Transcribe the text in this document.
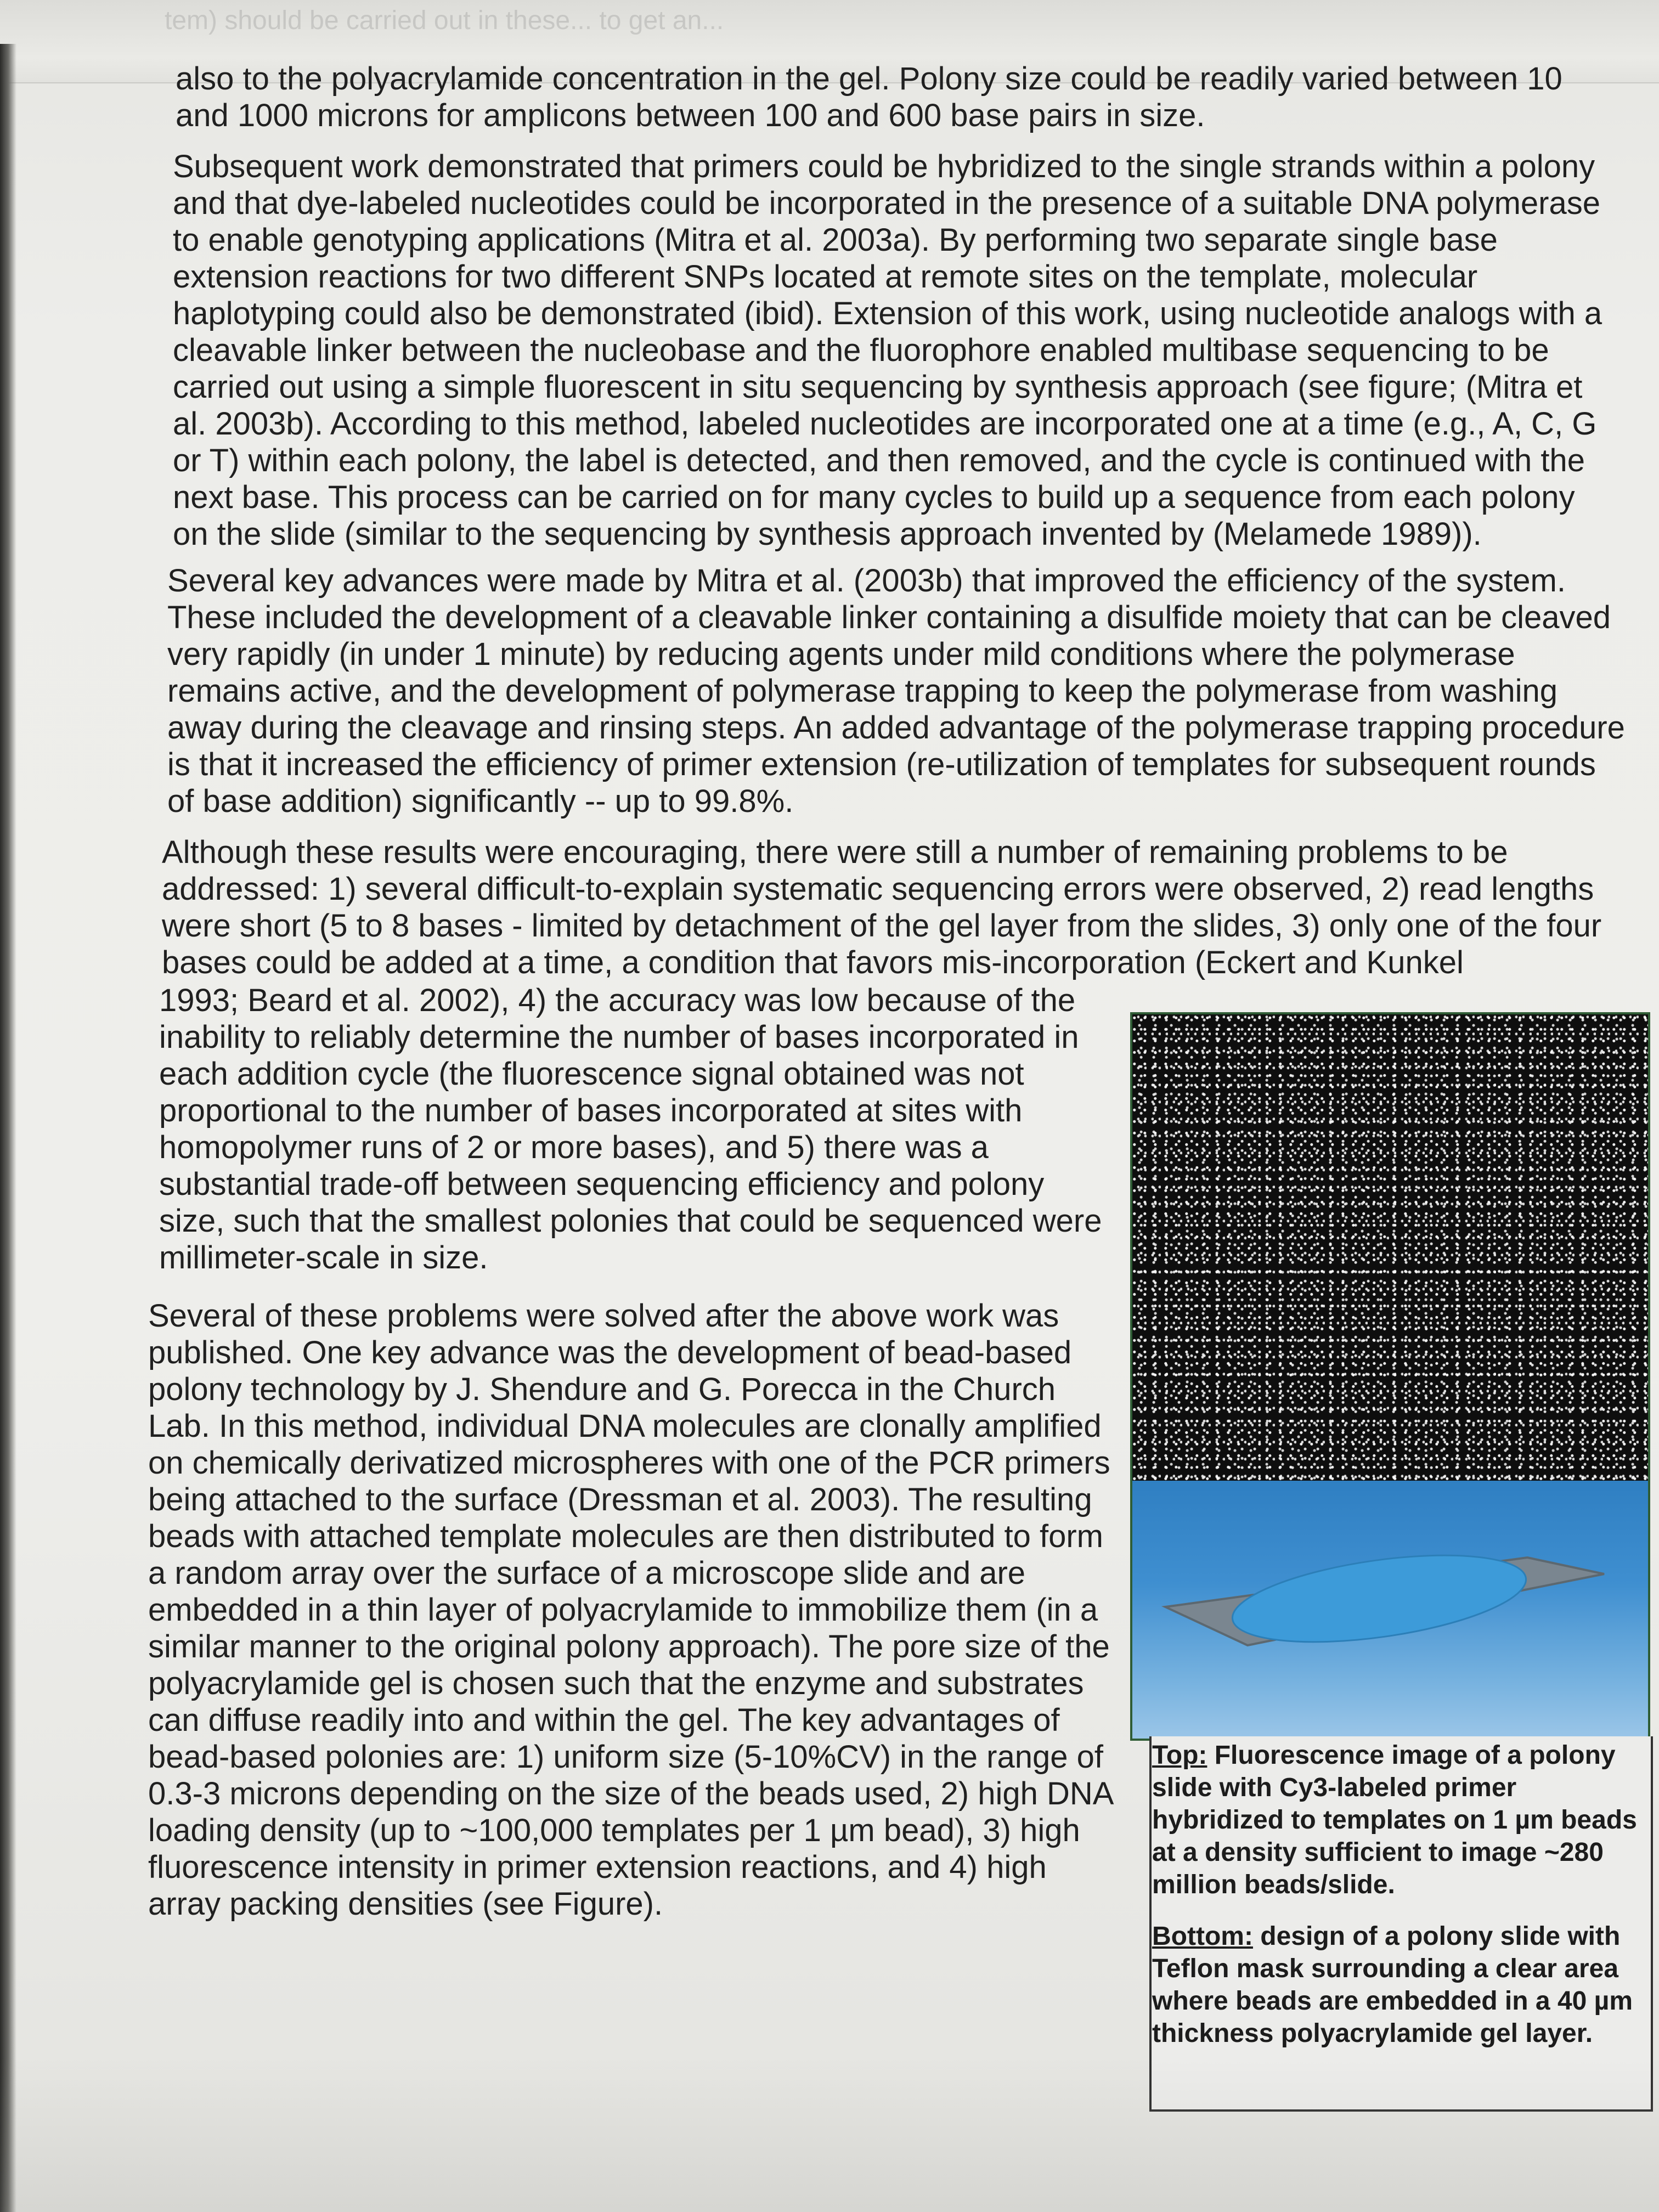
tem) should be carried out in these... to get an...
also to the polyacrylamide concentration in the gel. Polony size could be readily varied between 10 and 1000 microns for amplicons between 100 and 600 base pairs in size.
Subsequent work demonstrated that primers could be hybridized to the single strands within a polony and that dye-labeled nucleotides could be incorporated in the presence of a suitable DNA polymerase to enable genotyping applications (Mitra et al. 2003a). By performing two separate single base extension reactions for two different SNPs located at remote sites on the template, molecular haplotyping could also be demonstrated (ibid). Extension of this work, using nucleotide analogs with a cleavable linker between the nucleobase and the fluorophore enabled multibase sequencing to be carried out using a simple fluorescent in situ sequencing by synthesis approach (see figure; (Mitra et al. 2003b). According to this method, labeled nucleotides are incorporated one at a time (e.g., A, C, G or T) within each polony, the label is detected, and then removed, and the cycle is continued with the next base. This process can be carried on for many cycles to build up a sequence from each polony on the slide (similar to the sequencing by synthesis approach invented by (Melamede 1989)).
Several key advances were made by Mitra et al. (2003b) that improved the efficiency of the system. These included the development of a cleavable linker containing a disulfide moiety that can be cleaved very rapidly (in under 1 minute) by reducing agents under mild conditions where the polymerase remains active, and the development of polymerase trapping to keep the polymerase from washing away during the cleavage and rinsing steps. An added advantage of the polymerase trapping procedure is that it increased the efficiency of primer extension (re-utilization of templates for subsequent rounds of base addition) significantly -- up to 99.8%.
Although these results were encouraging, there were still a number of remaining problems to be addressed: 1) several difficult-to-explain systematic sequencing errors were observed, 2) read lengths were short (5 to 8 bases - limited by detachment of the gel layer from the slides, 3) only one of the four bases could be added at a time, a condition that favors mis-incorporation (Eckert and Kunkel
1993; Beard et al. 2002), 4) the accuracy was low because of the inability to reliably determine the number of bases incorporated in each addition cycle (the fluorescence signal obtained was not proportional to the number of bases incorporated at sites with homopolymer runs of 2 or more bases), and 5) there was a substantial trade-off between sequencing efficiency and polony size, such that the smallest polonies that could be sequenced were millimeter-scale in size.
Several of these problems were solved after the above work was published. One key advance was the development of bead-based polony technology by J. Shendure and G. Porecca in the Church Lab. In this method, individual DNA molecules are clonally amplified on chemically derivatized microspheres with one of the PCR primers being attached to the surface (Dressman et al. 2003). The resulting beads with attached template molecules are then distributed to form a random array over the surface of a microscope slide and are embedded in a thin layer of polyacrylamide to immobilize them (in a similar manner to the original polony approach). The pore size of the polyacrylamide gel is chosen such that the enzyme and substrates can diffuse readily into and within the gel. The key advantages of bead-based polonies are: 1) uniform size (5-10%CV) in the range of 0.3-3 microns depending on the size of the beads used, 2) high DNA loading density (up to ~100,000 templates per 1 µm bead), 3) high fluorescence intensity in primer extension reactions, and 4) high array packing densities (see Figure).
Top: Fluorescence image of a polony slide with Cy3-labeled primer hybridized to templates on 1 µm beads at a density sufficient to image ~280 million beads/slide.
Bottom: design of a polony slide with Teflon mask surrounding a clear area where beads are embedded in a 40 µm thickness polyacrylamide gel layer.
